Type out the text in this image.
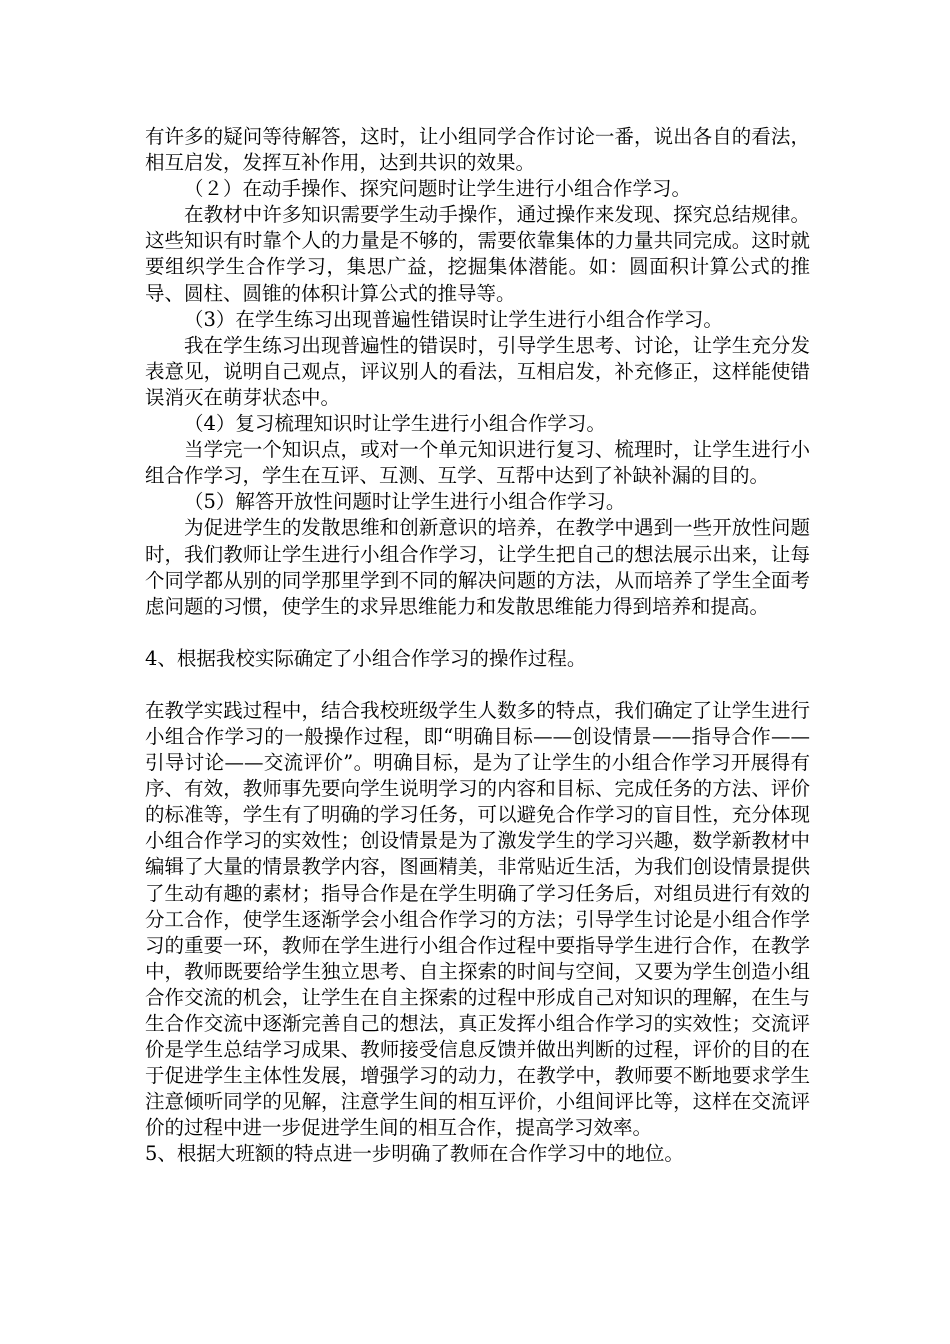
有许多的疑问等待解答，这时，让小组同学合作讨论一番，说出各自的看法，相互启发，发挥互补作用，达到共识的效果。

（２）在动手操作、探究问题时让学生进行小组合作学习。

在教材中许多知识需要学生动手操作，通过操作来发现、探究总结规律。这些知识有时靠个人的力量是不够的，需要依靠集体的力量共同完成。这时就要组织学生合作学习，集思广益，挖掘集体潜能。如：圆面积计算公式的推导、圆柱、圆锥的体积计算公式的推导等。

（3）在学生练习出现普遍性错误时让学生进行小组合作学习。

我在学生练习出现普遍性的错误时，引导学生思考、讨论，让学生充分发表意见，说明自己观点，评议别人的看法，互相启发，补充修正，这样能使错误消灭在萌芽状态中。

（4）复习梳理知识时让学生进行小组合作学习。

当学完一个知识点，或对一个单元知识进行复习、梳理时，让学生进行小组合作学习，学生在互评、互测、互学、互帮中达到了补缺补漏的目的。

（5）解答开放性问题时让学生进行小组合作学习。

为促进学生的发散思维和创新意识的培养，在教学中遇到一些开放性问题时，我们教师让学生进行小组合作学习，让学生把自己的想法展示出来，让每个同学都从别的同学那里学到不同的解决问题的方法，从而培养了学生全面考虑问题的习惯，使学生的求异思维能力和发散思维能力得到培养和提高。

4、根据我校实际确定了小组合作学习的操作过程。

在教学实践过程中，结合我校班级学生人数多的特点，我们确定了让学生进行小组合作学习的一般操作过程，即“明确目标——创设情景——指导合作——引导讨论——交流评价”。明确目标，是为了让学生的小组合作学习开展得有序、有效，教师事先要向学生说明学习的内容和目标、完成任务的方法、评价的标准等，学生有了明确的学习任务，可以避免合作学习的盲目性，充分体现小组合作学习的实效性；创设情景是为了激发学生的学习兴趣，数学新教材中编辑了大量的情景教学内容，图画精美，非常贴近生活，为我们创设情景提供了生动有趣的素材；指导合作是在学生明确了学习任务后，对组员进行有效的分工合作，使学生逐渐学会小组合作学习的方法；引导学生讨论是小组合作学习的重要一环，教师在学生进行小组合作过程中要指导学生进行合作，在教学中，教师既要给学生独立思考、自主探索的时间与空间，又要为学生创造小组合作交流的机会，让学生在自主探索的过程中形成自己对知识的理解，在生与生合作交流中逐渐完善自己的想法，真正发挥小组合作学习的实效性；交流评价是学生总结学习成果、教师接受信息反馈并做出判断的过程，评价的目的在于促进学生主体性发展，增强学习的动力，在教学中，教师要不断地要求学生注意倾听同学的见解，注意学生间的相互评价，小组间评比等，这样在交流评价的过程中进一步促进学生间的相互合作，提高学习效率。

5、根据大班额的特点进一步明确了教师在合作学习中的地位。
